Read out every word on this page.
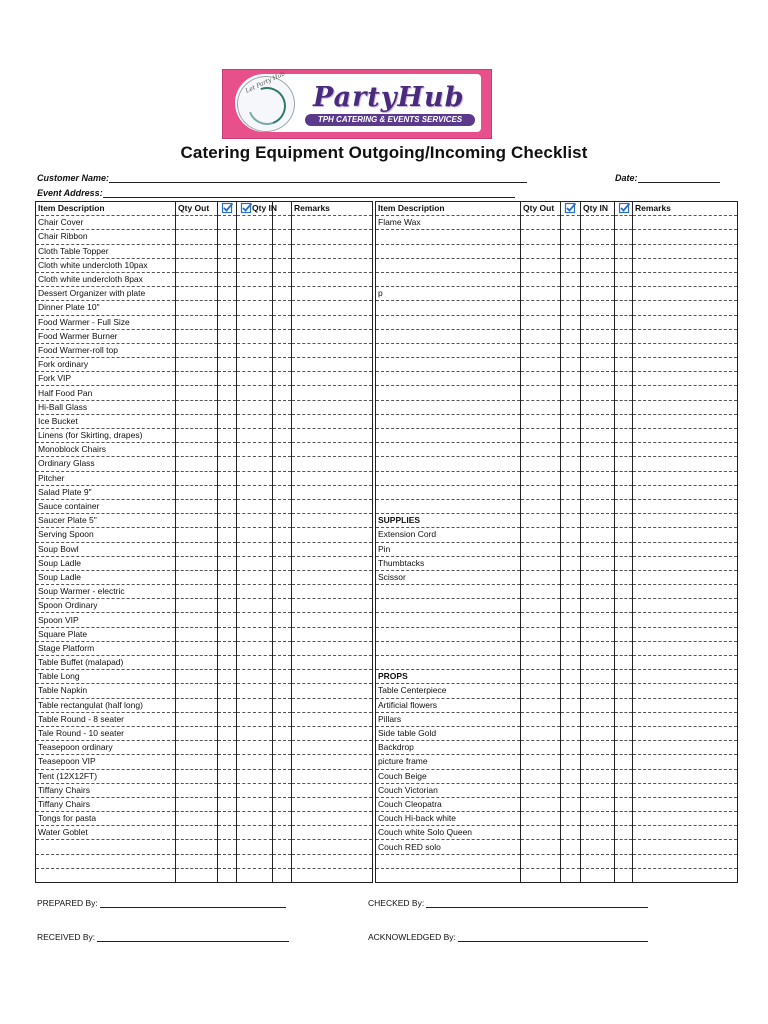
Let Party Hub PartyHub
TPH CATERING & EVENTS SERVICES
Catering Equipment Outgoing/Incoming Checklist
Customer Name:	Date:
Event Address:
Item Description	Qty Out		Qty IN		Remarks
Chair Cover					
Chair Ribbon					
Cloth Table Topper					
Cloth white undercloth 10pax					
Cloth white undercloth 8pax					
Dessert Organizer with plate					
Dinner Plate 10"					
Food Warmer - Full Size					
Food Warmer Burner					
Food Warmer-roll top					
Fork ordinary					
Fork VIP					
Half Food Pan					
Hi-Ball Glass					
Ice Bucket					
Linens (for Skirting, drapes)					
Monoblock Chairs					
Ordinary Glass					
Pitcher					
Salad Plate 9"					
Sauce container					
Saucer Plate 5"					
Serving Spoon					
Soup Bowl					
Soup Ladle					
Soup Ladle					
Soup Warmer - electric					
Spoon Ordinary					
Spoon VIP					
Square Plate					
Stage Platform					
Table Buffet (malapad)					
Table Long					
Table Napkin					
Table rectangulat (half long)					
Table Round - 8 seater					
Tale Round - 10 seater					
Teasepoon ordinary					
Teasepoon VIP					
Tent (12X12FT)					
Tiffany Chairs					
Tiffany Chairs					
Tongs for pasta					
Water Goblet					

Item Description	Qty Out		Qty IN		Remarks
Flame Wax					

p					

SUPPLIES					
Extension Cord					
Pin					
Thumbtacks					
Scissor					

PROPS					
Table Centerpiece					
Artificial flowers					
Pillars					
Side table Gold					
Backdrop					
picture frame					
Couch Beige					
Couch Victorian					
Couch Cleopatra					
Couch Hi-back white					
Couch white Solo Queen					
Couch RED solo					

PREPARED By:	CHECKED By:
RECEIVED By:	ACKNOWLEDGED By:
